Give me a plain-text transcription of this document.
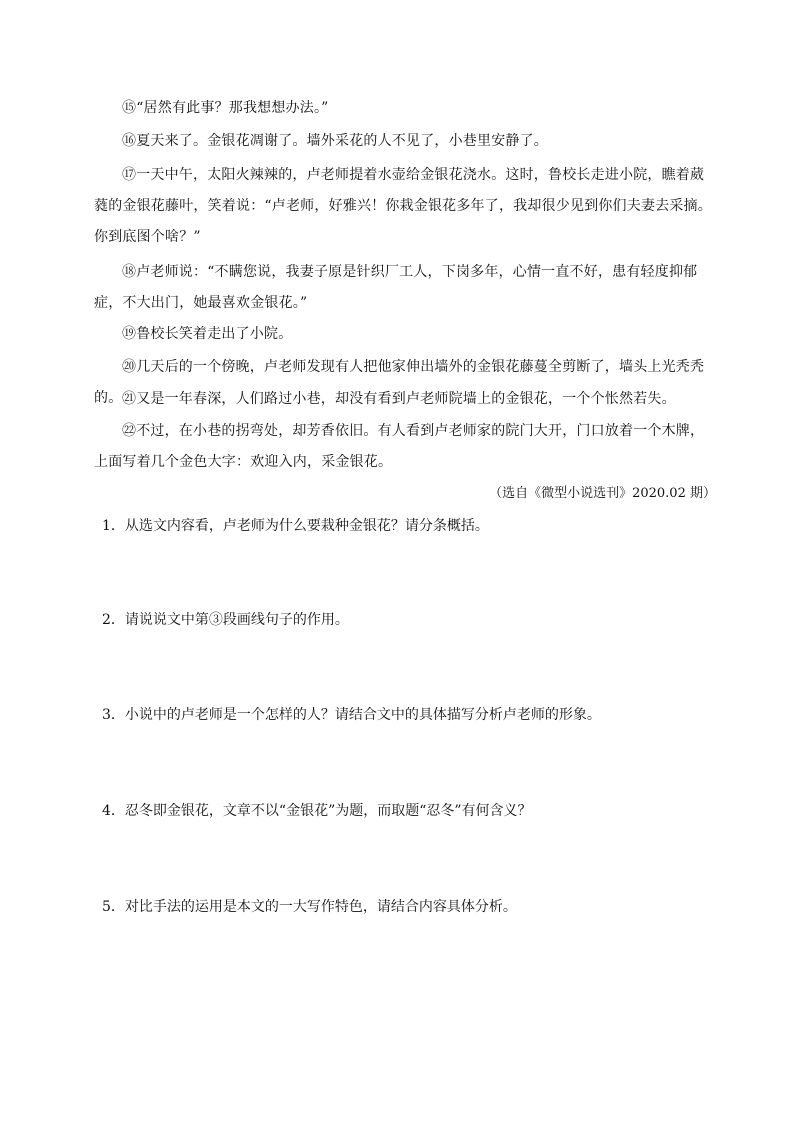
⑮“居然有此事？那我想想办法。”

⑯夏天来了。金银花凋谢了。墙外采花的人不见了，小巷里安静了。

⑰一天中午，太阳火辣辣的，卢老师提着水壶给金银花浇水。这时，鲁校长走进小院，瞧着葳蕤的金银花藤叶，笑着说：“卢老师，好雅兴！你栽金银花多年了，我却很少见到你们夫妻去采摘。你到底图个啥？”

⑱卢老师说：“不瞒您说，我妻子原是针织厂工人，下岗多年，心情一直不好，患有轻度抑郁症，不大出门，她最喜欢金银花。”

⑲鲁校长笑着走出了小院。

⑳几天后的一个傍晚，卢老师发现有人把他家伸出墙外的金银花藤蔓全剪断了，墙头上光秃秃的。 ㉑又是一年春深，人们路过小巷，却没有看到卢老师院墙上的金银花，一个个怅然若失。

㉒不过，在小巷的拐弯处，却芳香依旧。有人看到卢老师家的院门大开，门口放着一个木牌，上面写着几个金色大字：欢迎入内，采金银花。

（选自《微型小说选刊》2020.02 期）
1．从选文内容看，卢老师为什么要栽种金银花？请分条概括。
2．请说说文中第③段画线句子的作用。
3．小说中的卢老师是一个怎样的人？请结合文中的具体描写分析卢老师的形象。
4．忍冬即金银花，文章不以“金银花”为题，而取题“忍冬”有何含义？
5．对比手法的运用是本文的一大写作特色，请结合内容具体分析。
